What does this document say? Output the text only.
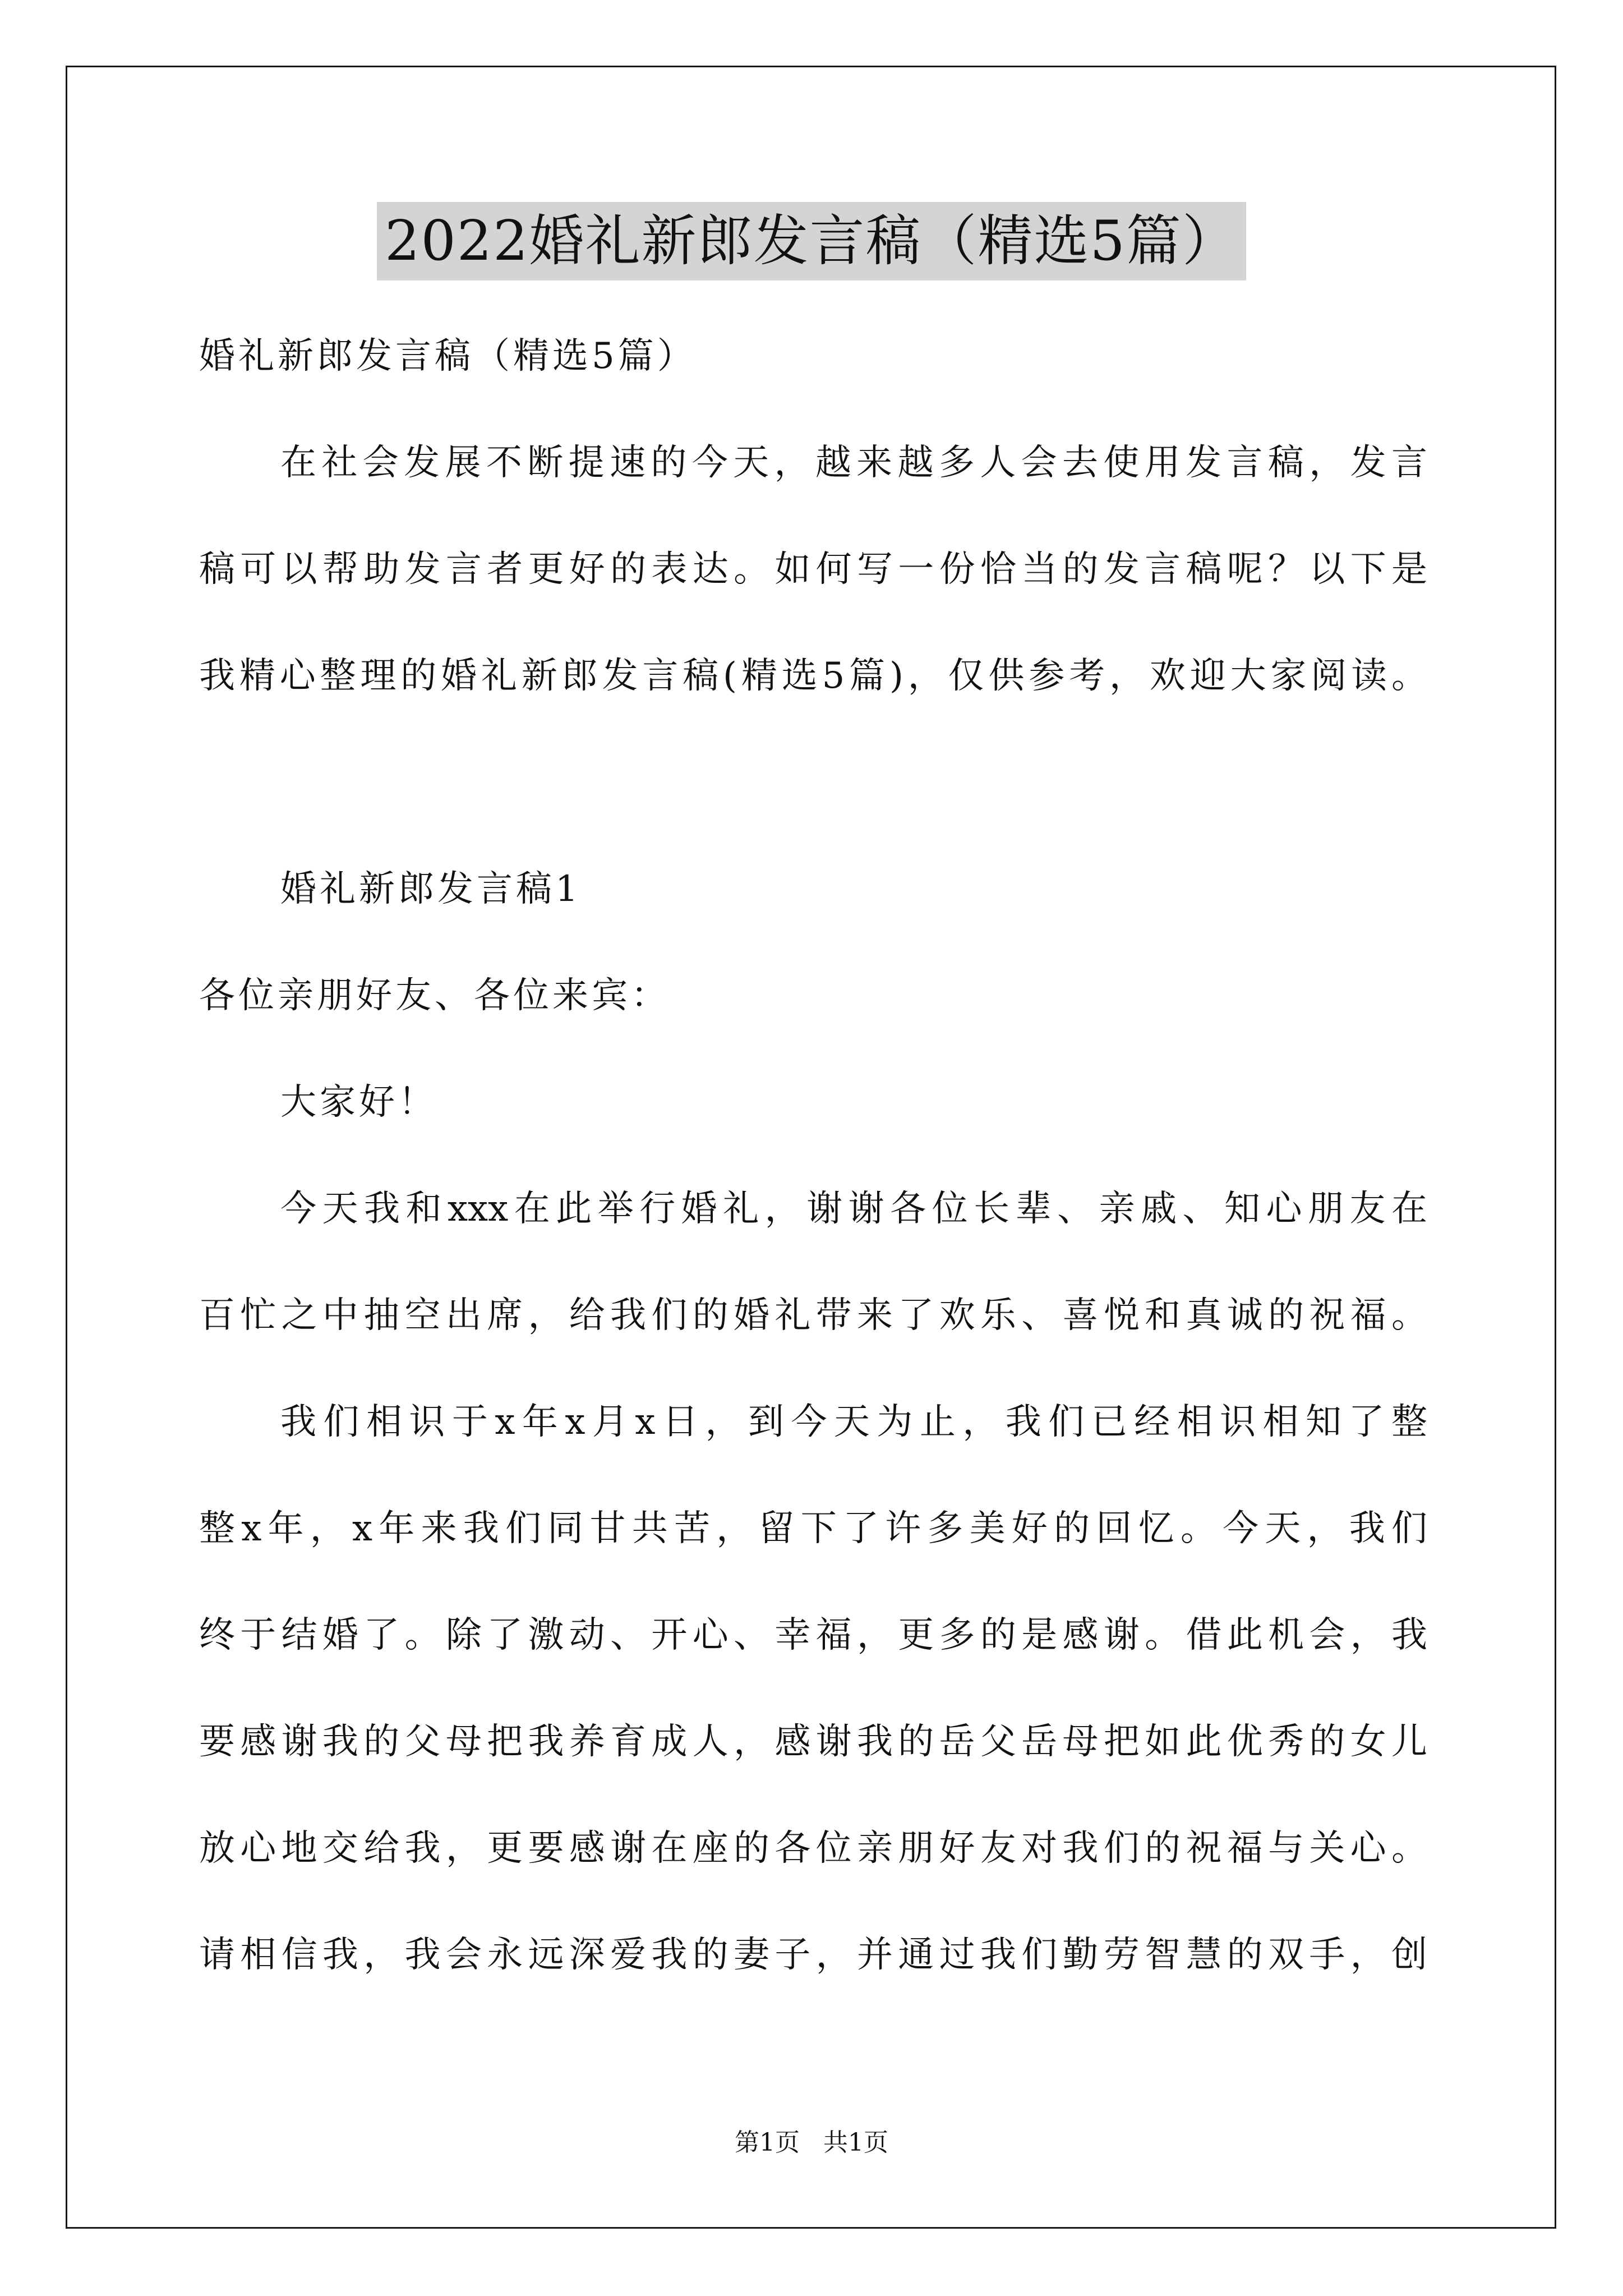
2022婚礼新郎发言稿（精选5篇）
婚礼新郎发言稿（精选5篇）
在社会发展不断提速的今天，越来越多人会去使用发言稿，发言
稿可以帮助发言者更好的表达。如何写一份恰当的发言稿呢？以下是
我精心整理的婚礼新郎发言稿(精选5篇)，仅供参考，欢迎大家阅读。
婚礼新郎发言稿1
各位亲朋好友、各位来宾：
大家好！
今天我和xxx在此举行婚礼，谢谢各位长辈、亲戚、知心朋友在
百忙之中抽空出席，给我们的婚礼带来了欢乐、喜悦和真诚的祝福。
我们相识于x年x月x日，到今天为止，我们已经相识相知了整
整x年，x年来我们同甘共苦，留下了许多美好的回忆。今天，我们
终于结婚了。除了激动、开心、幸福，更多的是感谢。借此机会，我
要感谢我的父母把我养育成人，感谢我的岳父岳母把如此优秀的女儿
放心地交给我，更要感谢在座的各位亲朋好友对我们的祝福与关心。
请相信我，我会永远深爱我的妻子，并通过我们勤劳智慧的双手，创
第1页   共1页
